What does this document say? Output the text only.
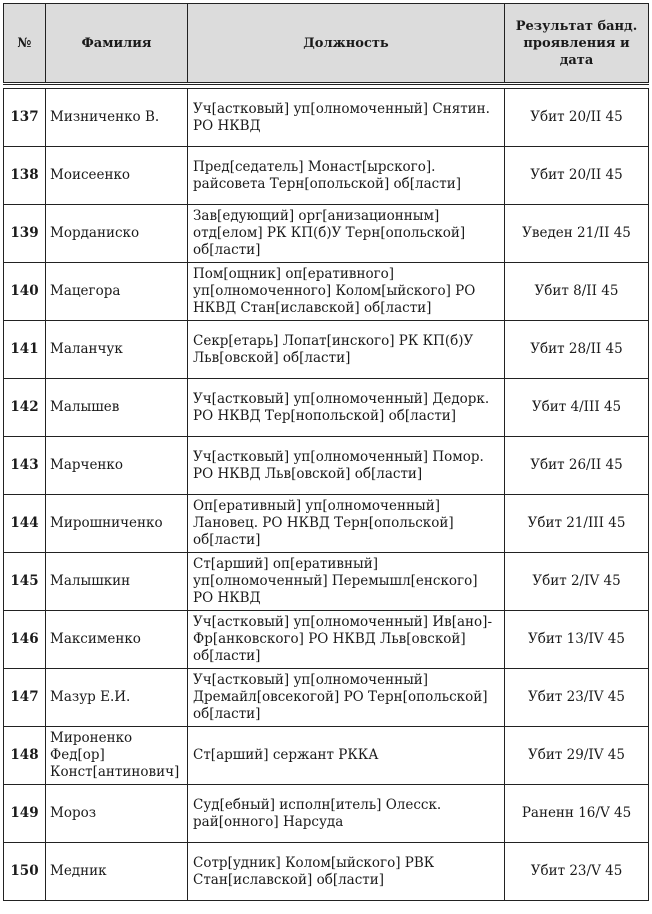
№	Фамилия	Должность	Результат банд. проявления и дата

137	Мизниченко В.	Уч[астковый] уп[олномоченный] Снятин. РО НКВД	Убит 20/II 45
138	Моисеенко	Пред[седатель] Монаст[ырского]. райсовета Терн[опольской] об[ласти]	Убит 20/II 45
139	Морданиско	Зав[едующий] орг[анизационным] отд[елом] РК КП(б)У Терн[опольской] об[ласти]	Уведен 21/II 45
140	Мацегора	Пом[ощник] оп[еративного] уп[олномоченного] Колом[ыйского] РО НКВД Стан[иславской] об[ласти]	Убит 8/II 45
141	Маланчук	Секр[етарь] Лопат[инского] РК КП(б)У Льв[овской] об[ласти]	Убит 28/II 45
142	Малышев	Уч[астковый] уп[олномоченный] Дедорк. РО НКВД Тер[нопольской] об[ласти]	Убит 4/III 45
143	Марченко	Уч[астковый] уп[олномоченный] Помор. РО НКВД Льв[овской] об[ласти]	Убит 26/II 45
144	Мирошниченко	Оп[еративный] уп[олномоченный] Лановец. РО НКВД Терн[опольской] об[ласти]	Убит 21/III 45
145	Малышкин	Ст[арший] оп[еративный] уп[олномоченный] Перемышл[енского] РО НКВД	Убит 2/IV 45
146	Максименко	Уч[астковый] уп[олномоченный] Ив[ано]-Фр[анковского] РО НКВД Льв[овской] об[ласти]	Убит 13/IV 45
147	Мазур Е.И.	Уч[астковый] уп[олномоченный] Дремайл[овсекогой] РО Терн[опольской] об[ласти]	Убит 23/IV 45
148	Мироненко Фед[ор] Конст[антинович]	Ст[арший] сержант РККА	Убит 29/IV 45
149	Мороз	Суд[ебный] исполн[итель] Олесск. рай[онного] Нарсуда	Раненн 16/V 45
150	Медник	Сотр[удник] Колом[ыйского] РВК Стан[иславской] об[ласти]	Убит 23/V 45
